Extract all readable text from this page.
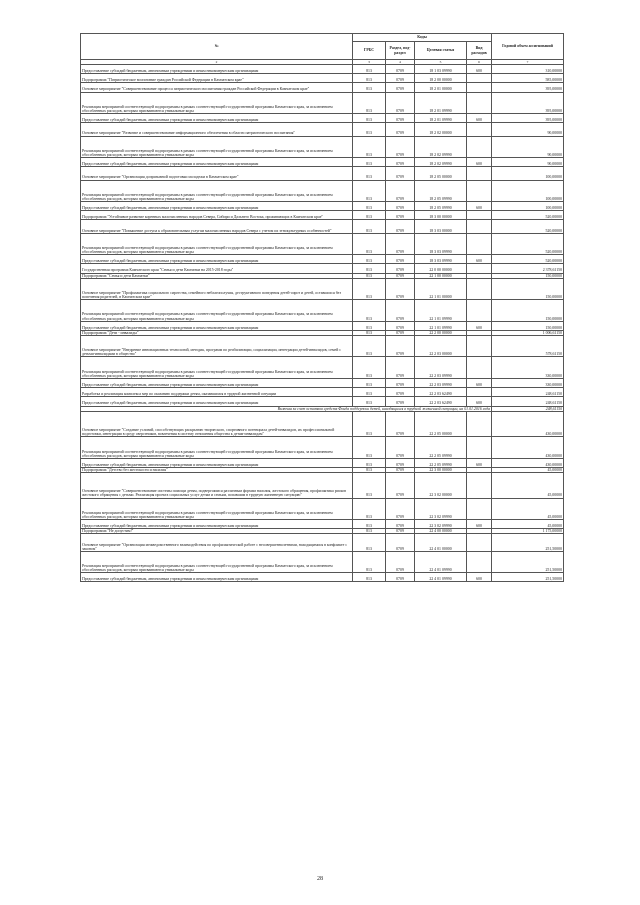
№	Коды				Годовой объем ассигнований
	ГРБС	Раздел, под-раздел	Целевая статья	Вид расходов	
2	3	4	5	6	7
Предоставление субсидий бюджетным, автономным учреждениям и иным некоммерческим организациям	813	0709	18 1 03 09990	600	310,00000
Подпрограмма "Патриотическое воспитание граждан Российской Федерации в Камчатском крае"	813	0709	18 2 00 00000		585,00000
Основное мероприятие "Совершенствование процесса патриотического воспитания граждан Российской Федерации в Камчатском крае"	813	0709	18 2 01 00000		395,00000
Реализация мероприятий соответствующей подпрограммы в рамках соответствующей государственной программы Камчатского края, за исключением обособленных расходов, которым присваиваются уникальные коды	813	0709	18 2 01 09990		395,00000
Предоставление субсидий бюджетным, автономным учреждениям и иным некоммерческим организациям	813	0709	18 2 01 09990	600	395,00000
Основное мероприятие "Развитие и совершенствование информационного обеспечения в области патриотического воспитания"	813	0709	18 2 02 00000		90,00000
Реализация мероприятий соответствующей подпрограммы в рамках соответствующей государственной программы Камчатского края, за исключением обособленных расходов, которым присваиваются уникальные коды	813	0709	18 2 02 09990		90,00000
Предоставление субсидий бюджетным, автономным учреждениям и иным некоммерческим организациям	813	0709	18 2 02 09990	600	90,00000
Основное мероприятие "Организация допризывной подготовки молодежи в Камчатском крае"	813	0709	18 2 05 00000		100,00000
Реализация мероприятий соответствующей подпрограммы в рамках соответствующей государственной программы Камчатского края, за исключением обособленных расходов, которым присваиваются уникальные коды	813	0709	18 2 05 09990		100,00000
Предоставление субсидий бюджетным, автономным учреждениям и иным некоммерческим организациям	813	0709	18 2 05 09990	600	100,00000
Подпрограмма "Устойчивое развитие коренных малочисленных народов Севера, Сибири и Дальнего Востока, проживающих в Камчатском крае"	813	0709	18 3 00 00000		520,00000
Основное мероприятие "Повышение доступа к образовательным услугам малочисленных народов Севера с учетом их этнокультурных особенностей"	813	0709	18 3 03 00000		520,00000
Реализация мероприятий соответствующей подпрограммы в рамках соответствующей государственной программы Камчатского края, за исключением обособленных расходов, которым присваиваются уникальные коды	813	0709	18 3 03 09990		520,00000
Предоставление субсидий бюджетным, автономным учреждениям и иным некоммерческим организациям	813	0709	18 3 03 09990	600	520,00000
Государственная программа Камчатского края "Семья и дети Камчатки на 2015-2018 годы"	813	0709	22 0 00 00000		2 378,61150
Подпрограмма "Семья и дети Камчатки"	813	0709	22 1 00 00000		150,00000
Основное мероприятие "Профилактика социального сиротства, семейного неблагополучия, деструктивного поведения детей-сирот и детей, оставшихся без попечения родителей, в Камчатском крае"	813	0709	22 1 01 00000		150,00000
Реализация мероприятий соответствующей подпрограммы в рамках соответствующей государственной программы Камчатского края, за исключением обособленных расходов, которым присваиваются уникальные коды	813	0709	22 1 01 09990		150,00000
Предоставление субсидий бюджетным, автономным учреждениям и иным некоммерческим организациям	813	0709	22 1 01 09990	600	150,00000
Подпрограмма "Дети - инвалиды"	813	0709	22 2 00 00000		1 006,61150
Основное мероприятие "Внедрение инновационных технологий, методик, программ по реабилитации, социализации, интеграции детей-инвалидов, семей с детьми-инвалидами в общество"	813	0709	22 2 03 00000		578,61150
Реализация мероприятий соответствующей подпрограммы в рамках соответствующей государственной программы Камчатского края, за исключением обособленных расходов, которым присваиваются уникальные коды	813	0709	22 2 03 09990		330,00000
Предоставление субсидий бюджетным, автономным учреждениям и иным некоммерческим организациям	813	0709	22 2 03 09990	600	330,00000
Разработка и реализация комплекса мер по оказанию поддержки детям, оказавшимся в трудной жизненной ситуации	813	0709	22 2 03 62490		248,61150
Предоставление субсидий бюджетным, автономным учреждениям и иным некоммерческим организациям	813	0709	22 2 03 62490	600	248,61150
Включая за счет остатков средств Фонда поддержки детей, находящихся в трудной жизненной ситуации, на 01.01.2016 года					248,61150
Основное мероприятие "Создание условий, способствующих раскрытию творческого, спортивного потенциала детей-инвалидов, их профессиональной подготовки, интеграции в среду сверстников, вовлечения в систему отношения общества к детям-инвалидам"	813	0709	22 2 05 00000		430,00000
Реализация мероприятий соответствующей подпрограммы в рамках соответствующей государственной программы Камчатского края, за исключением обособленных расходов, которым присваиваются уникальные коды	813	0709	22 2 05 09990		430,00000
Предоставление субсидий бюджетным, автономным учреждениям и иным некоммерческим организациям	813	0709	22 2 05 09990	600	430,00000
Подпрограмма "Детство без жестокости и насилия"	813	0709	22 3 00 00000		45,00000
Основное мероприятие "Совершенствование системы помощи детям, подвергшимся различным формам насилия, жестокого обращения, профилактика рисков жестокого обращения с детьми. Реализация проекта социальных услуг детям и семьям, попавшим в трудную жизненную ситуацию"	813	0709	22 3 02 00000		45,00000
Реализация мероприятий соответствующей подпрограммы в рамках соответствующей государственной программы Камчатского края, за исключением обособленных расходов, которым присваиваются уникальные коды	813	0709	22 3 02 09990		45,00000
Предоставление субсидий бюджетным, автономным учреждениям и иным некоммерческим организациям	813	0709	22 3 02 09990	600	45,00000
Подпрограмма "Не допустим!"	813	0709	22 4 00 00000		1 175,00000
Основное мероприятие "Организация межведомственного взаимодействия по профилактической работе с несовершеннолетними, находящимися в конфликте с законом"	813	0709	22 4 01 00000		251,50000
Реализация мероприятий соответствующей подпрограммы в рамках соответствующей государственной программы Камчатского края, за исключением обособленных расходов, которым присваиваются уникальные коды	813	0709	22 4 01 09990		251,50000
Предоставление субсидий бюджетным, автономным учреждениям и иным некоммерческим организациям	813	0709	22 4 01 09990	600	251,50000
28
